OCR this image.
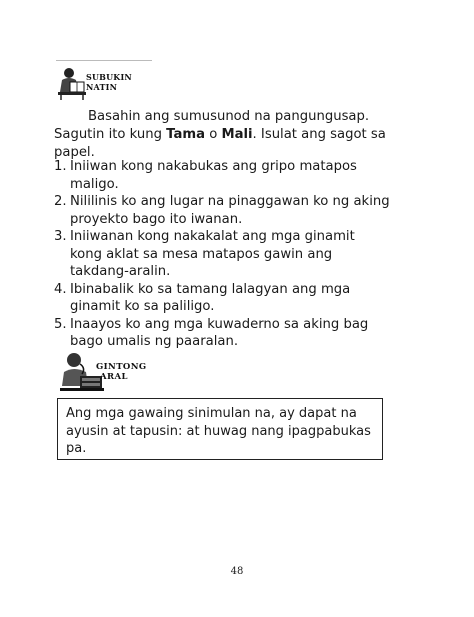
SUBUKIN NATIN
Basahin ang sumusunod na pangungusap.
Sagutin ito kung Tama o Mali. Isulat ang sagot sa
papel.
1. Iniiwan kong nakabukas ang gripo matapos
maligo.
2. Nililinis ko ang lugar na pinaggawan ko ng aking
proyekto bago ito iwanan.
3. Iniiwanan kong nakakalat ang mga ginamit
kong aklat sa mesa matapos gawin ang
takdang-aralin.
4. Ibinabalik ko sa tamang lalagyan ang mga
ginamit ko sa paliligo.
5. Inaayos ko ang mga kuwaderno sa aking bag
bago umalis ng paaralan.
GINTONG
ARAL
Ang mga gawaing sinimulan na, ay dapat na
ayusin at tapusin: at huwag nang ipagpabukas
pa.
48
